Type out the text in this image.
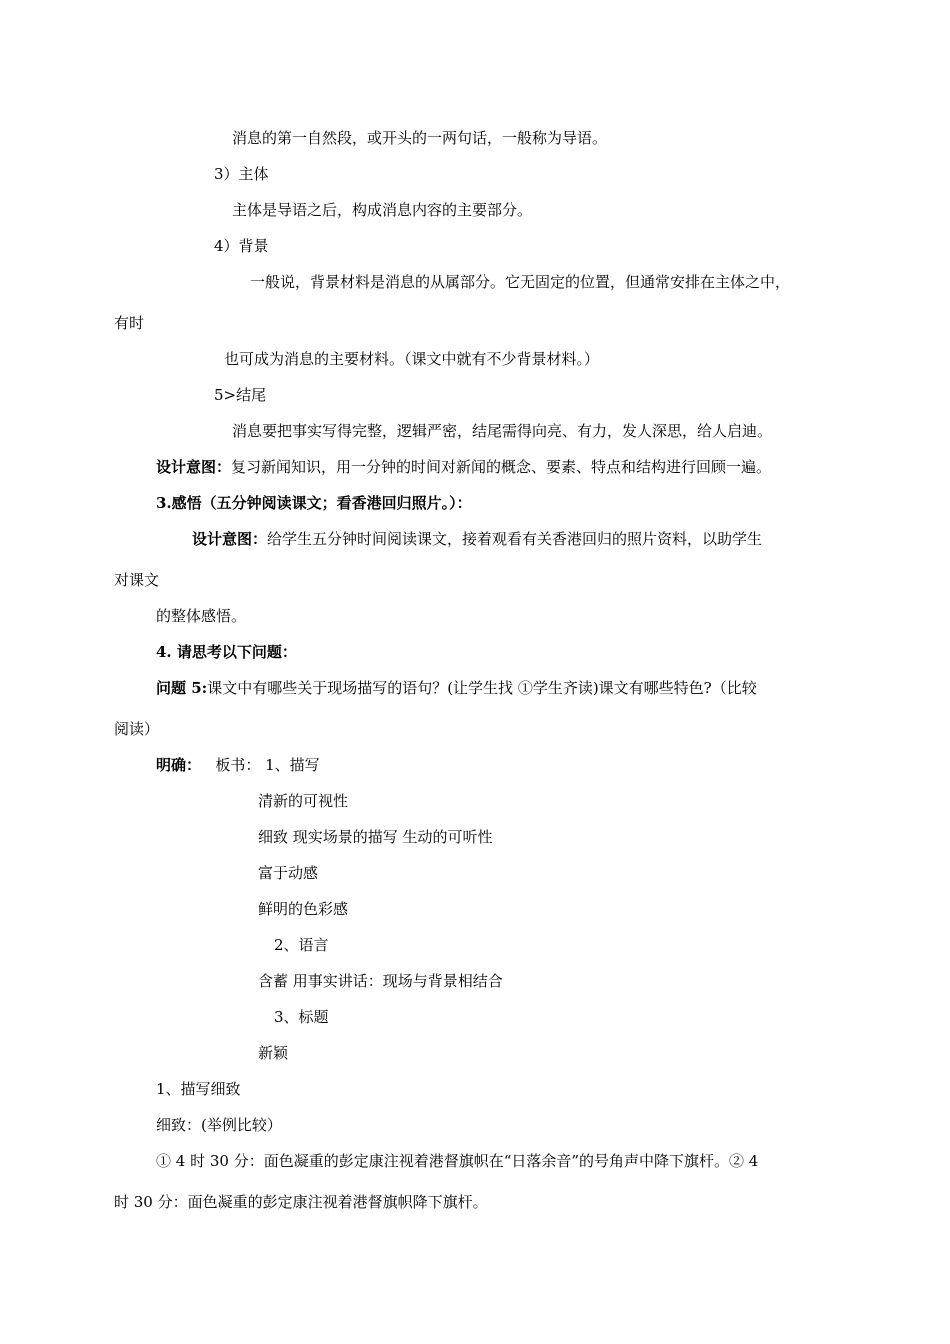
消息的第一自然段，或开头的一两句话，一般称为导语。
3）主体
主体是导语之后，构成消息内容的主要部分。
4）背景
一般说，背景材料是消息的从属部分。它无固定的位置，但通常安排在主体之中，
有时
也可成为消息的主要材料。（课文中就有不少背景材料。）
5>结尾
消息要把事实写得完整，逻辑严密，结尾需得向亮、有力，发人深思，给人启迪。
设计意图：复习新闻知识，用一分钟的时间对新闻的概念、要素、特点和结构进行回顾一遍。
3.感悟（五分钟阅读课文；看香港回归照片。）：
设计意图：给学生五分钟时间阅读课文，接着观看有关香港回归的照片资料，以助学生
对课文
的整体感悟。
4. 请思考以下问题：
问题 5:课文中有哪些关于现场描写的语句？(让学生找 ①学生齐读)课文有哪些特色?（比较
阅读）
明确： 板书： 1、描写
清新的可视性
细致 现实场景的描写 生动的可听性
富于动感
鲜明的色彩感
2、语言
含蓄 用事实讲话：现场与背景相结合
3、标题
新颖
1、描写细致
细致：(举例比较）
① 4 时 30 分：面色凝重的彭定康注视着港督旗帜在“日落余音”的号角声中降下旗杆。② 4
时 30 分：面色凝重的彭定康注视着港督旗帜降下旗杆。
